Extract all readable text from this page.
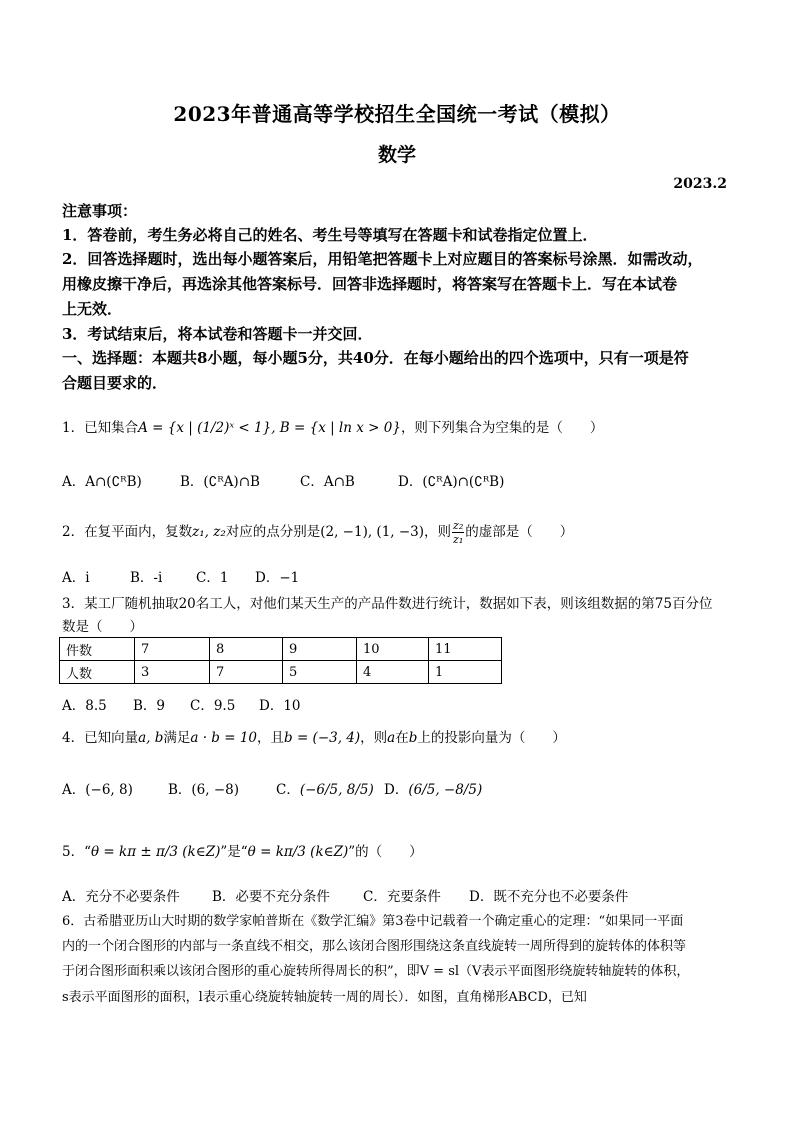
2023年普通高等学校招生全国统一考试（模拟）
数学
2023.2
注意事项：
1．答卷前，考生务必将自己的姓名、考生号等填写在答题卡和试卷指定位置上．
2．回答选择题时，选出每小题答案后，用铅笔把答题卡上对应题目的答案标号涂黑．如需改动，
用橡皮擦干净后，再选涂其他答案标号．回答非选择题时，将答案写在答题卡上．写在本试卷
上无效．
3．考试结束后，将本试卷和答题卡一并交回．
一、选择题：本题共8小题，每小题5分，共40分．在每小题给出的四个选项中，只有一项是符
合题目要求的．
1．已知集合A = {x | (1/2)ˣ < 1}, B = {x | ln x > 0}，则下列集合为空集的是（　　）
A．A∩(∁ᴿB)	B．(∁ᴿA)∩B	C．A∩B	D．(∁ᴿA)∩(∁ᴿB)
2．在复平面内，复数z₁, z₂对应的点分别是(2, −1), (1, −3)，则 $\frac{\text{z₂}}{\text{z₁}}$ 的虚部是（　　）
A．i	B．-i C．1 D．−1
3．某工厂随机抽取20名工人，对他们某天生产的产品件数进行统计，数据如下表，则该组数据的第75百分位
数是（　　）
件数	7	8	9	10	11
人数	3	7	5	4	1
A．8.5 B．9 C．9.5 D．10
4．已知向量a, b满足a · b = 10，且b = (−3, 4)，则a在b上的投影向量为（　　）
A．(−6, 8)	B．(6, −8)	C．(−6/5, 8/5) D．(6/5, −8/5)
5．“θ = kπ ± π/3 (k∈Z)”是“θ = kπ/3 (k∈Z)”的（　　）
A．充分不必要条件 B．必要不充分条件 C．充要条件 D．既不充分也不必要条件
6．古希腊亚历山大时期的数学家帕普斯在《数学汇编》第3卷中记载着一个确定重心的定理：“如果同一平面
内的一个闭合图形的内部与一条直线不相交，那么该闭合图形围绕这条直线旋转一周所得到的旋转体的体积等
于闭合图形面积乘以该闭合图形的重心旋转所得周长的积”，即V = sl（V表示平面图形绕旋转轴旋转的体积，
s表示平面图形的面积，l表示重心绕旋转轴旋转一周的周长）．如图，直角梯形ABCD，已知
